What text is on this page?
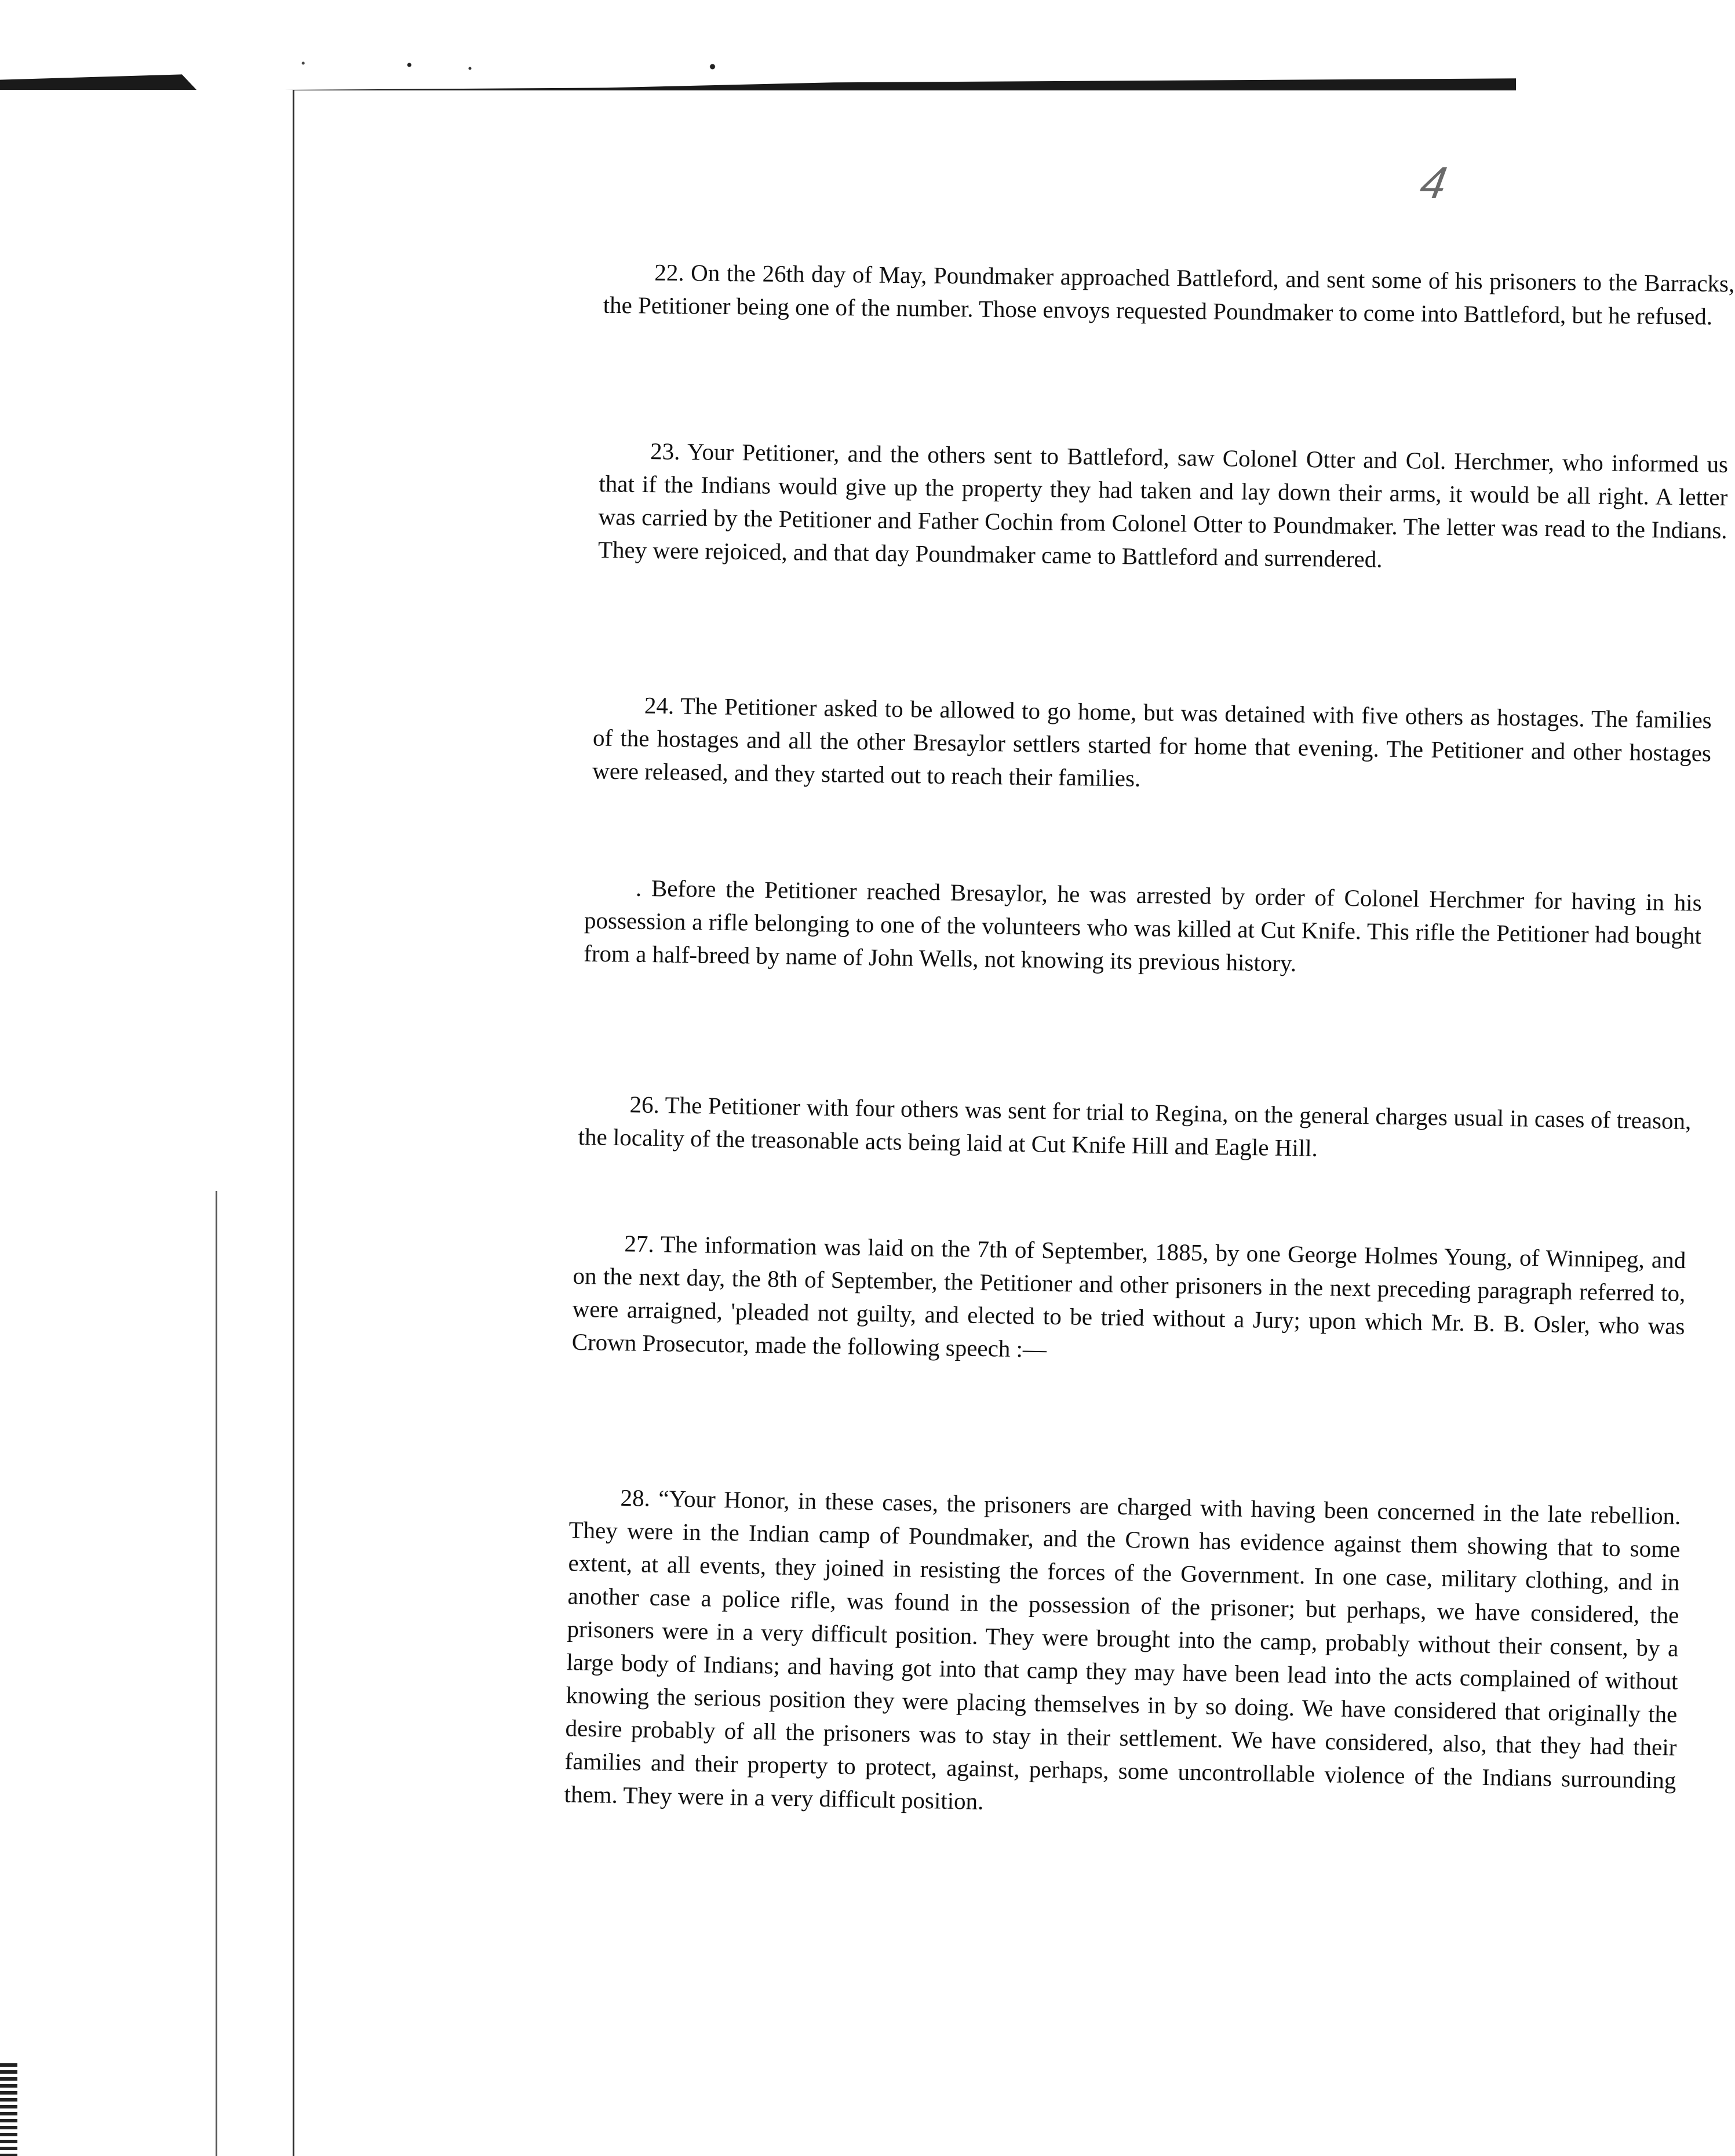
4

22. On the 26th day of May, Poundmaker approached Battleford, and sent some of his prisoners to the Barracks, the Petitioner being one of the number. Those envoys requested Poundmaker to come into Battleford, but he refused.

23. Your Petitioner, and the others sent to Battleford, saw Colonel Otter and Col. Herchmer, who informed us that if the Indians would give up the property they had taken and lay down their arms, it would be all right. A letter was carried by the Petitioner and Father Cochin from Colonel Otter to Poundmaker. The letter was read to the Indians. They were rejoiced, and that day Poundmaker came to Battleford and surrendered.

24. The Petitioner asked to be allowed to go home, but was detained with five others as hostages. The families of the hostages and all the other Bresaylor settlers started for home that evening. The Petitioner and other hostages were released, and they started out to reach their families.

. Before the Petitioner reached Bresaylor, he was arrested by order of Colonel Herchmer for having in his possession a rifle belonging to one of the volunteers who was killed at Cut Knife. This rifle the Petitioner had bought from a half-breed by name of John Wells, not knowing its previous history.

26. The Petitioner with four others was sent for trial to Regina, on the general charges usual in cases of treason, the locality of the treasonable acts being laid at Cut Knife Hill and Eagle Hill.

27. The information was laid on the 7th of September, 1885, by one George Holmes Young, of Winnipeg, and on the next day, the 8th of September, the Petitioner and other prisoners in the next preceding paragraph referred to, were arraigned, 'pleaded not guilty, and elected to be tried without a Jury; upon which Mr. B. B. Osler, who was Crown Prosecutor, made the following speech :—

28. “Your Honor, in these cases, the prisoners are charged with having been concerned in the late rebellion. They were in the Indian camp of Poundmaker, and the Crown has evidence against them showing that to some extent, at all events, they joined in resisting the forces of the Government. In one case, military clothing, and in another case a police rifle, was found in the possession of the prisoner; but perhaps, we have considered, the prisoners were in a very difficult position. They were brought into the camp, probably without their consent, by a large body of Indians; and having got into that camp they may have been lead into the acts complained of without knowing the serious position they were placing themselves in by so doing. We have considered that originally the desire probably of all the prisoners was to stay in their settlement. We have considered, also, that they had their families and their property to protect, against, perhaps, some uncontrollable violence of the Indians surrounding them. They were in a very difficult position.
